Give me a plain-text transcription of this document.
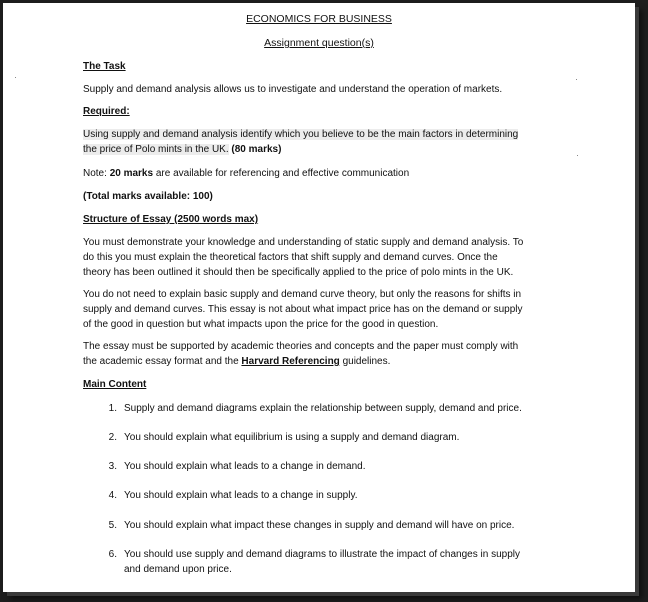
ECONOMICS FOR BUSINESS
Assignment question(s)
The Task
Supply and demand analysis allows us to investigate and understand the operation of markets.
Required:
Using supply and demand analysis identify which you believe to be the main factors in determining
the price of Polo mints in the UK. (80 marks)
Note: 20 marks are available for referencing and effective communication
(Total marks available: 100)
Structure of Essay (2500 words max)
You must demonstrate your knowledge and understanding of static supply and demand analysis. To
do this you must explain the theoretical factors that shift supply and demand curves. Once the
theory has been outlined it should then be specifically applied to the price of polo mints in the UK.
You do not need to explain basic supply and demand curve theory, but only the reasons for shifts in
supply and demand curves. This essay is not about what impact price has on the demand or supply
of the good in question but what impacts upon the price for the good in question.
The essay must be supported by academic theories and concepts and the paper must comply with
the academic essay format and the Harvard Referencing guidelines.
Main Content
1. Supply and demand diagrams explain the relationship between supply, demand and price.
2. You should explain what equilibrium is using a supply and demand diagram.
3. You should explain what leads to a change in demand.
4. You should explain what leads to a change in supply.
5. You should explain what impact these changes in supply and demand will have on price.
6. You should use supply and demand diagrams to illustrate the impact of changes in supply
and demand upon price.
